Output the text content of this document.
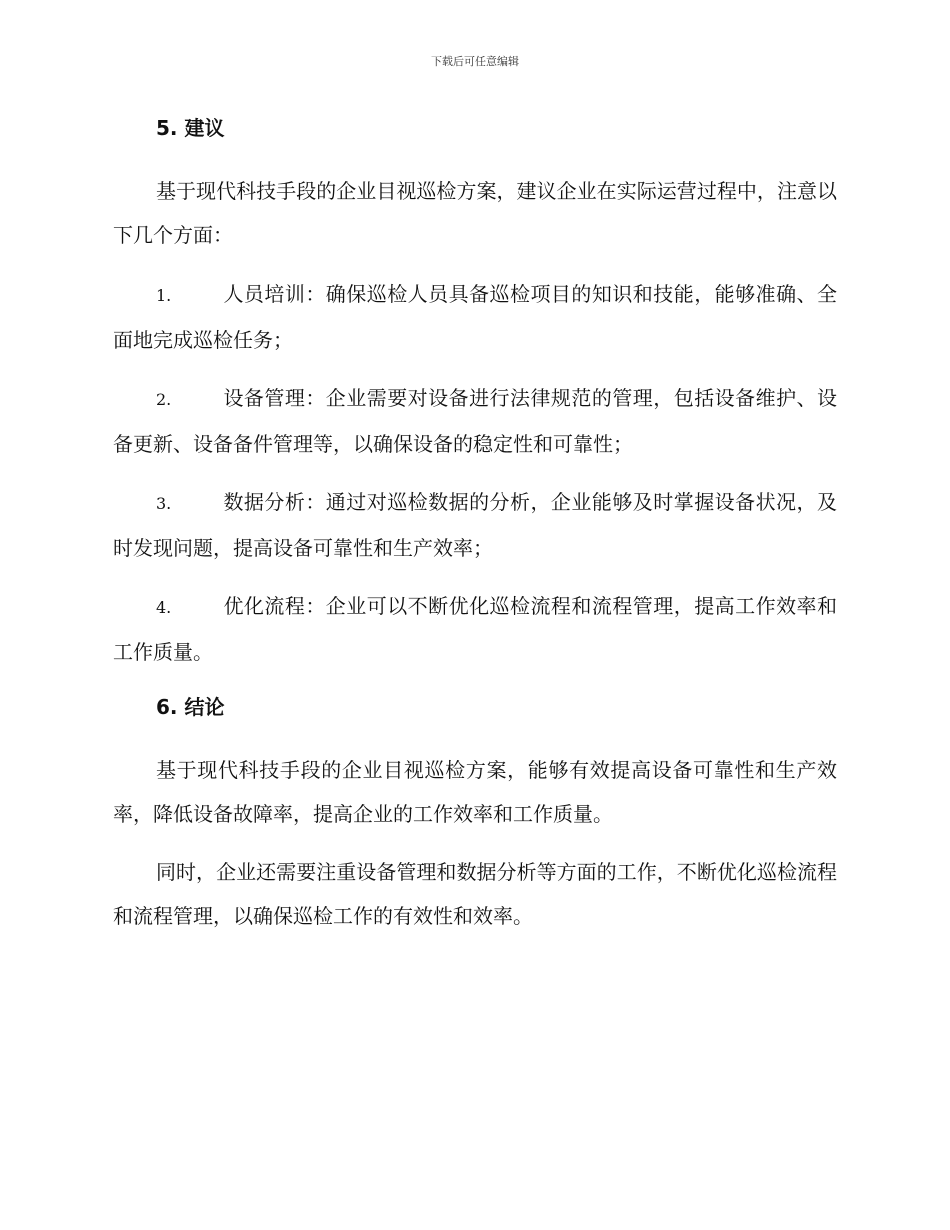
下载后可任意编辑
5. 建议

基于现代科技手段的企业目视巡检方案，建议企业在实际运营过程中，注意以下几个方面：

1.	人员培训：确保巡检人员具备巡检项目的知识和技能，能够准确、全面地完成巡检任务；

2.	设备管理：企业需要对设备进行法律规范的管理，包括设备维护、设备更新、设备备件管理等，以确保设备的稳定性和可靠性；

3.	数据分析：通过对巡检数据的分析，企业能够及时掌握设备状况，及时发现问题，提高设备可靠性和生产效率；

4.	优化流程：企业可以不断优化巡检流程和流程管理，提高工作效率和工作质量。

6. 结论

基于现代科技手段的企业目视巡检方案，能够有效提高设备可靠性和生产效率，降低设备故障率，提高企业的工作效率和工作质量。

同时，企业还需要注重设备管理和数据分析等方面的工作，不断优化巡检流程和流程管理，以确保巡检工作的有效性和效率。
